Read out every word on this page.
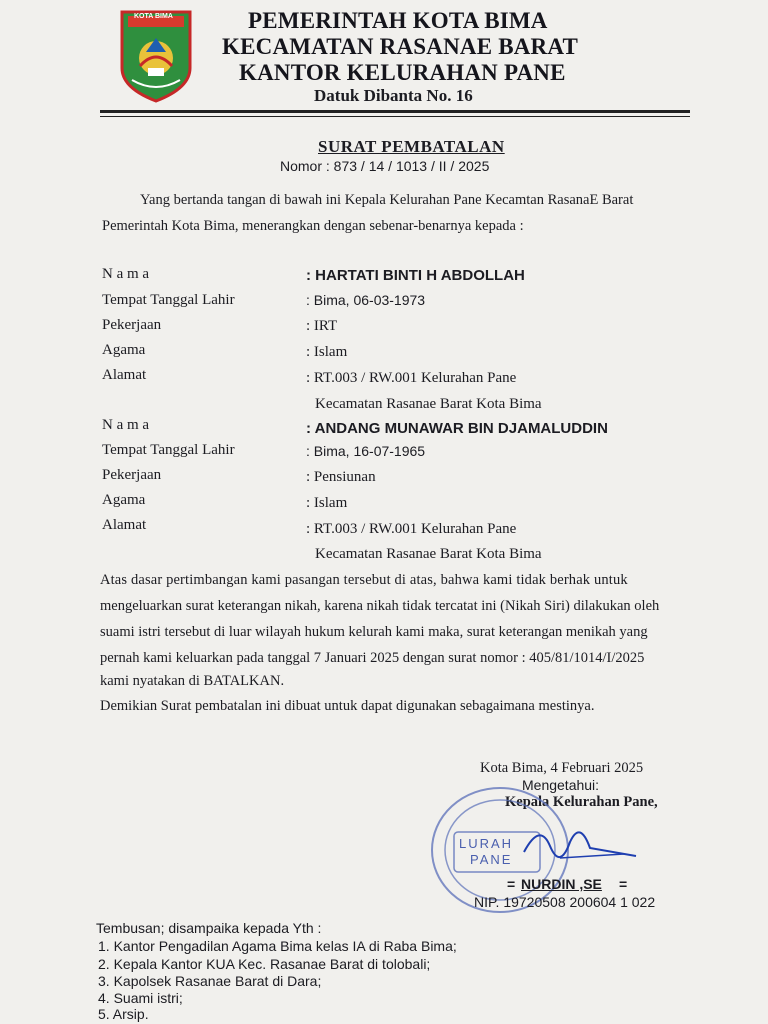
KOTA BIMA	PEMERINTAH KOTA BIMA
KECAMATAN RASANAE BARAT
KANTOR KELURAHAN PANE
Datuk Dibanta No. 16
SURAT PEMBATALAN
Nomor : 873 / 14 / 1013 / II / 2025
Yang bertanda tangan di bawah ini Kepala Kelurahan Pane Kecamtan RasanaE Barat
Pemerintah Kota Bima, menerangkan dengan sebenar-benarnya kepada :
N a m a	: HARTATI BINTI H ABDOLLAH
Tempat Tanggal Lahir	: Bima, 06-03-1973
Pekerjaan	: IRT
Agama	: Islam
Alamat	: RT.003 / RW.001 Kelurahan Pane
Kecamatan Rasanae Barat Kota Bima
N a m a	: ANDANG MUNAWAR BIN DJAMALUDDIN
Tempat Tanggal Lahir	: Bima, 16-07-1965
Pekerjaan	: Pensiunan
Agama	: Islam
Alamat	: RT.003 / RW.001 Kelurahan Pane
Kecamatan Rasanae Barat Kota Bima
Atas dasar pertimbangan kami pasangan tersebut di atas, bahwa kami tidak berhak untuk
mengeluarkan surat keterangan nikah, karena nikah tidak tercatat ini (Nikah Siri) dilakukan oleh
suami istri tersebut di luar wilayah hukum kelurah kami maka, surat keterangan menikah yang
pernah kami keluarkan pada tanggal 7 Januari 2025 dengan surat nomor : 405/81/1014/I/2025
kami nyatakan di BATALKAN.
Demikian Surat pembatalan ini dibuat untuk dapat digunakan sebagaimana mestinya.
Kota Bima, 4 Februari 2025
Mengetahui:
Kepala Kelurahan Pane,
LURAH
PANE
= NURDIN ,SE =
NIP. 19720508 200604 1 022
Tembusan; disampaika kepada Yth :
1. Kantor Pengadilan Agama Bima kelas IA di Raba Bima;
2. Kepala Kantor KUA Kec. Rasanae Barat di tolobali;
3. Kapolsek Rasanae Barat di Dara;
4. Suami istri;
5. Arsip.
